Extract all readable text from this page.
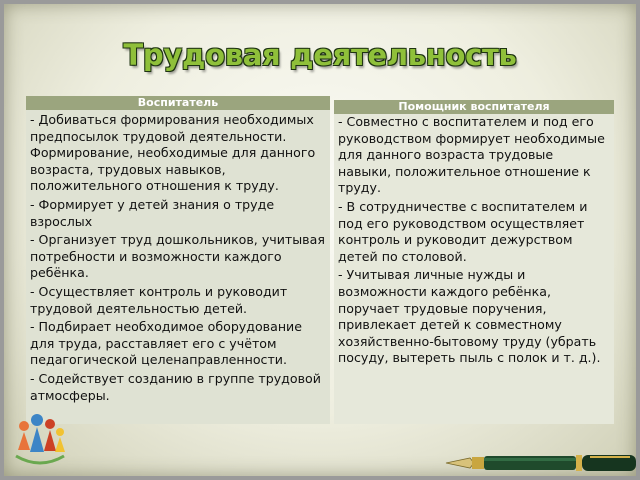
Трудовая деятельность
Воспитатель
- Добиваться формирования необходимых предпосылок трудовой деятельности. Формирование, необходимые для данного возраста, трудовых навыков, положительного отношения к труду.
- Формирует у детей знания о труде взрослых
- Организует труд дошкольников, учитывая потребности и возможности каждого ребёнка.
- Осуществляет контроль и руководит трудовой деятельностью детей.
- Подбирает необходимое оборудование для труда, расставляет его с учётом педагогической целенаправленности.
- Содействует созданию в группе трудовой атмосферы.
Помощник воспитателя
- Совместно с воспитателем и под его руководством формирует необходимые для данного возраста трудовые навыки, положительное отношение к труду.
- В сотрудничестве с воспитателем и под его руководством осуществляет контроль и руководит дежурством детей по столовой.
- Учитывая личные нужды и возможности каждого ребёнка, поручает трудовые поручения, привлекает детей к совместному хозяйственно-бытовому труду (убрать посуду, вытереть пыль с полок и т. д.).
